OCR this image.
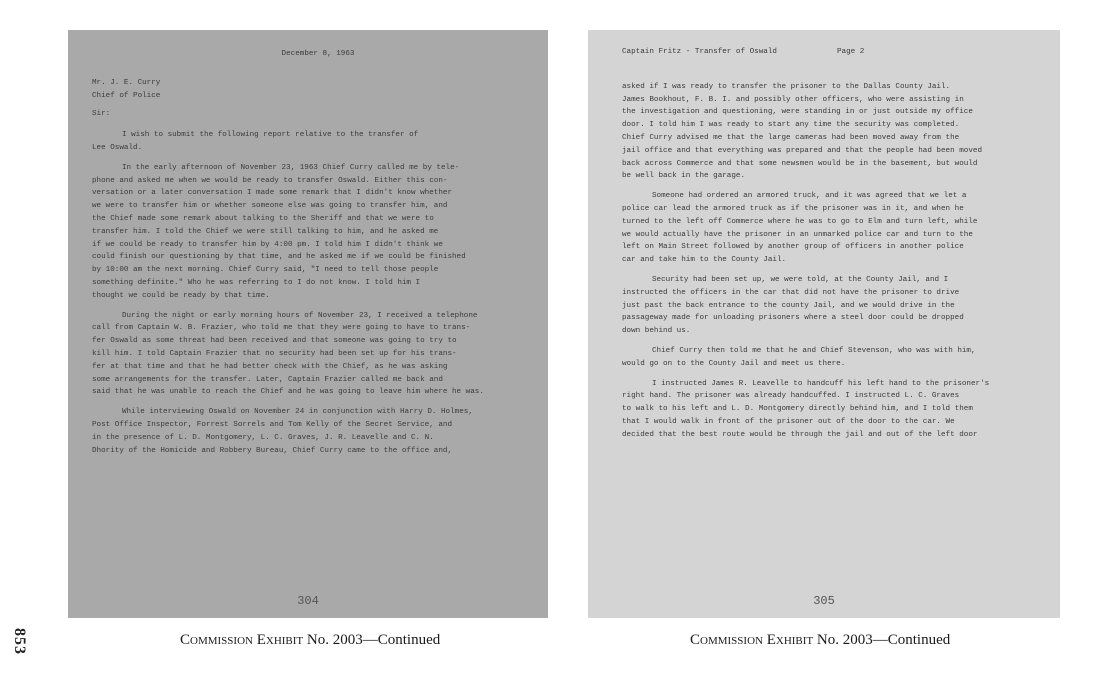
December 8, 1963
Mr. J. E. Curry
Chief of Police
Sir:
I wish to submit the following report relative to the transfer of
Lee Oswald.
In the early afternoon of November 23, 1963 Chief Curry called me by tele-
phone and asked me when we would be ready to transfer Oswald. Either this con-
versation or a later conversation I made some remark that I didn't know whether
we were to transfer him or whether someone else was going to transfer him, and
the Chief made some remark about talking to the Sheriff and that we were to
transfer him. I told the Chief we were still talking to him, and he asked me
if we could be ready to transfer him by 4:00 pm. I told him I didn't think we
could finish our questioning by that time, and he asked me if we could be finished
by 10:00 am the next morning. Chief Curry said, "I need to tell those people
something definite." Who he was referring to I do not know. I told him I
thought we could be ready by that time.
During the night or early morning hours of November 23, I received a telephone
call from Captain W. B. Frazier, who told me that they were going to have to trans-
fer Oswald as some threat had been received and that someone was going to try to
kill him. I told Captain Frazier that no security had been set up for his trans-
fer at that time and that he had better check with the Chief, as he was asking
some arrangements for the transfer. Later, Captain Frazier called me back and
said that he was unable to reach the Chief and he was going to leave him where he was.
While interviewing Oswald on November 24 in conjunction with Harry D. Holmes,
Post Office Inspector, Forrest Sorrels and Tom Kelly of the Secret Service, and
in the presence of L. D. Montgomery, L. C. Graves, J. R. Leavelle and C. N.
Dhority of the Homicide and Robbery Bureau, Chief Curry came to the office and,
304
Captain Fritz - Transfer of Oswald	Page 2
asked if I was ready to transfer the prisoner to the Dallas County Jail.
James Bookhout, F. B. I. and possibly other officers, who were assisting in
the investigation and questioning, were standing in or just outside my office
door. I told him I was ready to start any time the security was completed.
Chief Curry advised me that the large cameras had been moved away from the
jail office and that everything was prepared and that the people had been moved
back across Commerce and that some newsmen would be in the basement, but would
be well back in the garage.
Someone had ordered an armored truck, and it was agreed that we let a
police car lead the armored truck as if the prisoner was in it, and when he
turned to the left off Commerce where he was to go to Elm and turn left, while
we would actually have the prisoner in an unmarked police car and turn to the
left on Main Street followed by another group of officers in another police
car and take him to the County Jail.
Security had been set up, we were told, at the County Jail, and I
instructed the officers in the car that did not have the prisoner to drive
just past the back entrance to the county Jail, and we would drive in the
passageway made for unloading prisoners where a steel door could be dropped
down behind us.
Chief Curry then told me that he and Chief Stevenson, who was with him,
would go on to the County Jail and meet us there.
I instructed James R. Leavelle to handcuff his left hand to the prisoner's
right hand. The prisoner was already handcuffed. I instructed L. C. Graves
to walk to his left and L. D. Montgomery directly behind him, and I told them
that I would walk in front of the prisoner out of the door to the car. We
decided that the best route would be through the jail and out of the left door
305
Commission Exhibit No. 2003—Continued	Commission Exhibit No. 2003—Continued
853
